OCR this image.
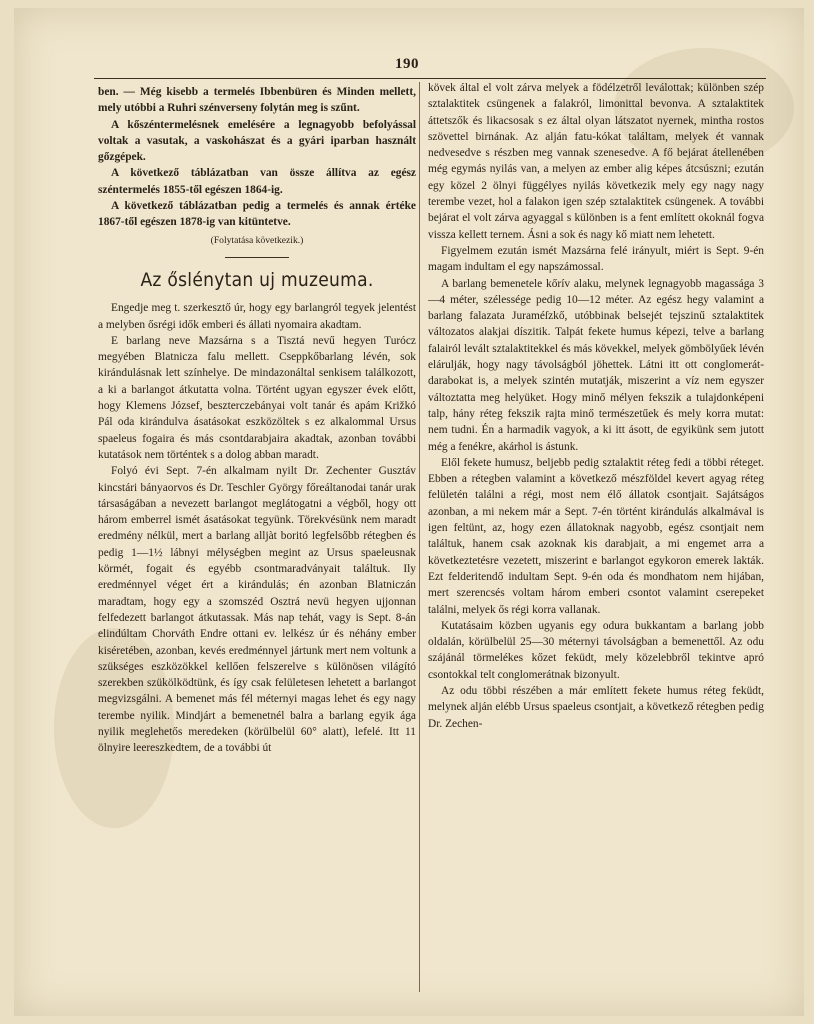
190

ben. — Még kisebb a termelés Ibbenbüren és Minden mellett, mely utóbbi a Ruhri szénverseny folytán meg is szűnt.

A kőszéntermelésnek emelésére a legnagyobb befolyással voltak a vasutak, a vaskohászat és a gyári iparban használt gőzgépek.

A következő táblázatban van össze állítva az egész széntermelés 1855-től egészen 1864-ig.

A következő táblázatban pedig a termelés és annak értéke 1867-től egészen 1878-ig van kitüntetve.

(Folytatása következik.)
Az őslénytan uj muzeuma.

Engedje meg t. szerkesztő úr, hogy egy barlangról tegyek jelentést a melyben ősrégi idők emberi és állati nyomaira akadtam.

E barlang neve Mazsárna s a Tisztá nevű hegyen Turócz megyében Blatnicza falu mellett. Cseppkőbarlang lévén, sok kirándulásnak lett színhelye. De mindazonáltal senkisem találkozott, a ki a barlangot átkutatta volna. Történt ugyan egyszer évek előtt, hogy Klemens József, beszterczebányai volt tanár és apám Križkó Pál oda kirándulva ásatásokat eszközöltek s ez alkalommal Ursus spaeleus fogaira és más csontdarabjaira akadtak, azonban további kutatások nem történtek s a dolog abban maradt.

Folyó évi Sept. 7-én alkalmam nyilt Dr. Zechenter Gusztáv kincstári bányaorvos és Dr. Teschler György főreáltanodai tanár urak társaságában a nevezett barlangot meglátogatni a végből, hogy ott három emberrel ismét ásatásokat tegyünk. Törekvésünk nem maradt eredmény nélkül, mert a barlang alljàt boritó legfelsőbb rétegben és pedig 1—1½ lábnyi mélységben megint az Ursus spaeleusnak körmét, fogait és egyébb csontmaradványait találtuk. Ily eredménnyel véget ért a kirándulás; én azonban Blatniczán maradtam, hogy egy a szomszéd Osztrá nevü hegyen ujjonnan felfedezett barlangot átkutassak. Más nap tehát, vagy is Sept. 8-án elindúltam Chorváth Endre ottani ev. lelkész úr és néhány ember kiséretében, azonban, kevés eredménnyel jártunk mert nem voltunk a szükséges eszközökkel kellően felszerelve s különösen világító szerekben szükölködtünk, és így csak felületesen lehetett a barlangot megvizsgálni. A bemenet más fél méternyi magas lehet és egy nagy terembe nyilik. Mindjárt a bemenetnél balra a barlang egyik ága nyilik meglehetős meredeken (körülbelül 60° alatt), lefelé. Itt 11 ölnyire leereszkedtem, de a további út

kövek által el volt zárva melyek a födélzetről leválottak; különben szép sztalaktitek csüngenek a falakról, limonittal bevonva. A sztalaktitek áttetszők és likacsosak s ez által olyan látszatot nyernek, mintha rostos szövettel birnának. Az alján fatu-kókat találtam, melyek ét vannak nedvesedve s részben meg vannak szenesedve. A fő bejárat átellenében még egymás nyilás van, a melyen az ember alig képes átcsúszni; ezután egy közel 2 ölnyi függélyes nyilás következik mely egy nagy nagy terembe vezet, hol a falakon igen szép sztalaktitek csüngenek. A további bejárat el volt zárva agyaggal s különben is a fent említett okoknál fogva vissza kellett ternem. Ásni a sok és nagy kő miatt nem lehetett.

Figyelmem ezután ismét Mazsárna felé irányult, miért is Sept. 9-én magam indultam el egy napszámossal.

A barlang bemenetele kőrív alaku, melynek legnagyobb magassága 3—4 méter, szélessége pedig 10—12 méter. Az egész hegy valamint a barlang falazata Juraméſzkő, utóbbinak belsejét tejszinű sztalaktitek változatos alakjai díszitik. Talpát fekete humus képezi, telve a barlang falairól levált sztalaktitekkel és más kövekkel, melyek gömbölyűek lévén elárulják, hogy nagy távolságból jöhettek. Látni itt ott conglomerát-darabokat is, a melyek szintén mutatják, miszerint a víz nem egyszer változtatta meg helyüket. Hogy minő mélyen fekszik a tulajdonképeni talp, hány réteg fekszik rajta minő természetűek és mely korra mutat: nem tudni. Én a harmadik vagyok, a ki itt ásott, de egyikünk sem jutott még a fenékre, akárhol is ástunk.

Elől fekete humusz, beljebb pedig sztalaktit réteg fedi a többi réteget. Ebben a rétegben valamint a következő mészföldel kevert agyag réteg felületén találni a régi, most nem élő állatok csontjait. Sajátságos azonban, a mi nekem már a Sept. 7-én történt kirándulás alkalmával is igen feltünt, az, hogy ezen állatoknak nagyobb, egész csontjait nem találtuk, hanem csak azoknak kis darabjait, a mi engemet arra a következtetésre vezetett, miszerint e barlangot egykoron emerek lakták. Ezt felderitendő indultam Sept. 9-én oda és mondhatom nem hijában, mert szerencsés voltam három emberi csontot valamint cserepeket találni, melyek ős régi korra vallanak.

Kutatásaim közben ugyanis egy odura bukkantam a barlang jobb oldalán, körülbelül 25—30 méternyi távolságban a bemenettől. Az odu szájánál törmelékes kőzet feküdt, mely közelebbről tekintve apró csontokkal telt conglomerátnak bizonyult.

Az odu többi részében a már említett fekete humus réteg feküdt, melynek alján elébb Ursus spaeleus csontjait, a következő rétegben pedig Dr. Zechen-
